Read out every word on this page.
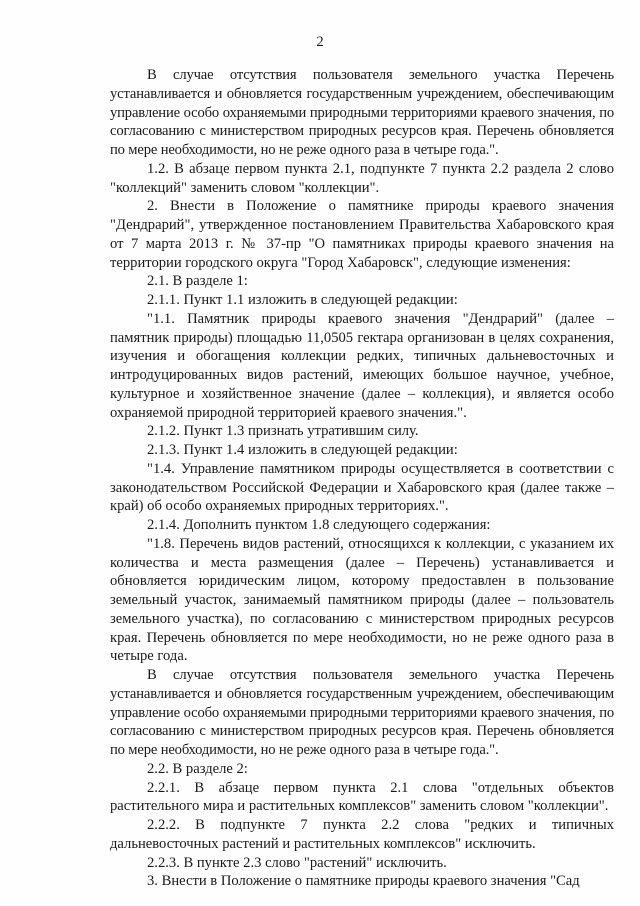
2

В случае отсутствия пользователя земельного участка Перечень устанавливается и обновляется государственным учреждением, обеспечивающим управление особо охраняемыми природными территориями краевого значения, по согласованию с министерством природных ресурсов края. Перечень обновляется по мере необходимости, но не реже одного раза в четыре года.".

1.2. В абзаце первом пункта 2.1, подпункте 7 пункта 2.2 раздела 2 слово "коллекций" заменить словом "коллекции".

2. Внести в Положение о памятнике природы краевого значения "Дендрарий", утвержденное постановлением Правительства Хабаровского края от 7 марта 2013 г. № 37-пр "О памятниках природы краевого значения на территории городского округа "Город Хабаровск", следующие изменения:

2.1. В разделе 1:

2.1.1. Пункт 1.1 изложить в следующей редакции:

"1.1. Памятник природы краевого значения "Дендрарий" (далее – памятник природы) площадью 11,0505 гектара организован в целях сохранения, изучения и обогащения коллекции редких, типичных дальневосточных и интродуцированных видов растений, имеющих большое научное, учебное, культурное и хозяйственное значение (далее – коллекция), и является особо охраняемой природной территорией краевого значения.".

2.1.2. Пункт 1.3 признать утратившим силу.

2.1.3. Пункт 1.4 изложить в следующей редакции:

"1.4. Управление памятником природы осуществляется в соответствии с законодательством Российской Федерации и Хабаровского края (далее также – край) об особо охраняемых природных территориях.".

2.1.4. Дополнить пунктом 1.8 следующего содержания:

"1.8. Перечень видов растений, относящихся к коллекции, с указанием их количества и места размещения (далее – Перечень) устанавливается и обновляется юридическим лицом, которому предоставлен в пользование земельный участок, занимаемый памятником природы (далее – пользователь земельного участка), по согласованию с министерством природных ресурсов края. Перечень обновляется по мере необходимости, но не реже одного раза в четыре года.

В случае отсутствия пользователя земельного участка Перечень устанавливается и обновляется государственным учреждением, обеспечивающим управление особо охраняемыми природными территориями краевого значения, по согласованию с министерством природных ресурсов края. Перечень обновляется по мере необходимости, но не реже одного раза в четыре года.".

2.2. В разделе 2:

2.2.1. В абзаце первом пункта 2.1 слова "отдельных объектов растительного мира и растительных комплексов" заменить словом "коллекции".

2.2.2. В подпункте 7 пункта 2.2 слова "редких и типичных дальневосточных растений и растительных комплексов" исключить.

2.2.3. В пункте 2.3 слово "растений" исключить.

3. Внести в Положение о памятнике природы краевого значения "Сад
